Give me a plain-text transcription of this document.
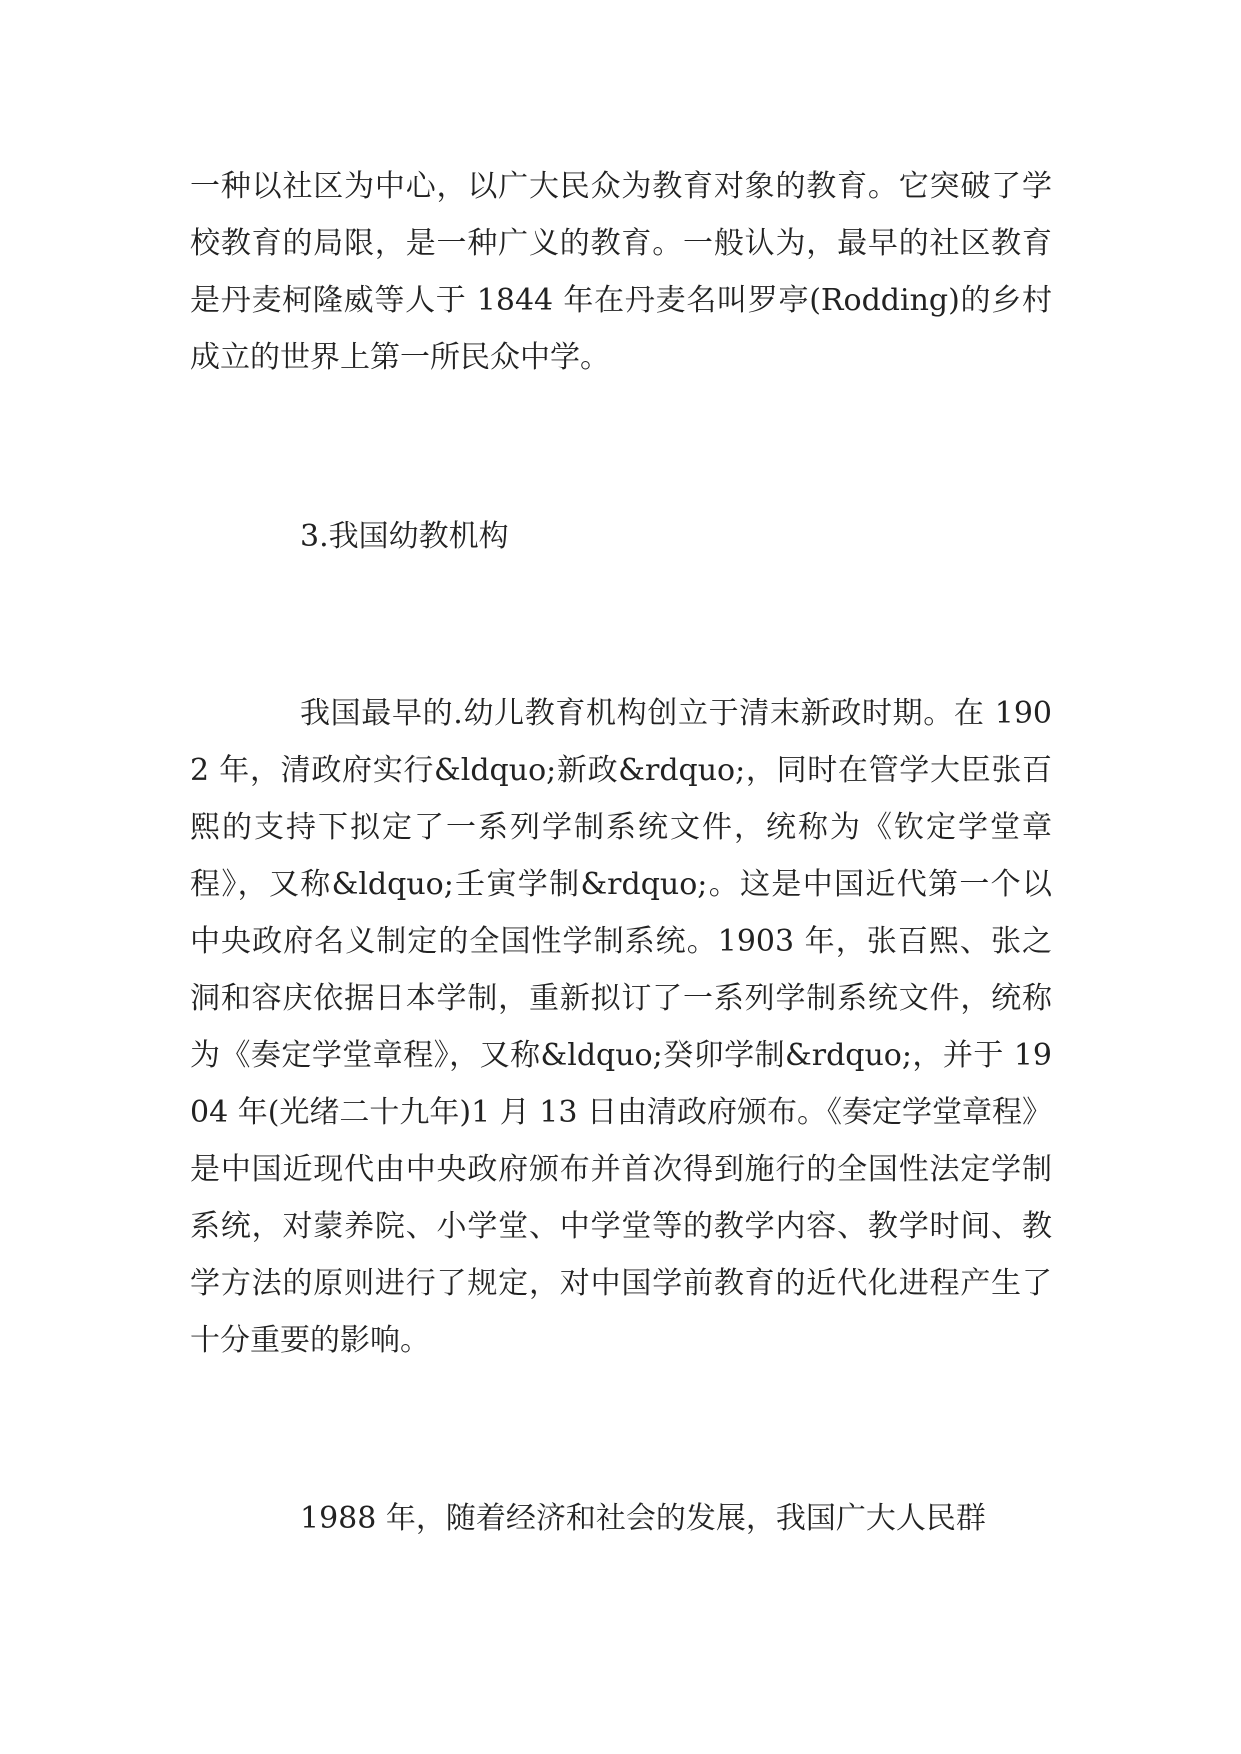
一种以社区为中心，以广大民众为教育对象的教育。它突破了学校教育的局限，是一种广义的教育。一般认为，最早的社区教育是丹麦柯隆威等人于 1844 年在丹麦名叫罗亭(Rodding)的乡村成立的世界上第一所民众中学。

3.我国幼教机构

我国最早的.幼儿教育机构创立于清末新政时期。在 1902 年，清政府实行&ldquo;新政&rdquo;，同时在管学大臣张百熙的支持下拟定了一系列学制系统文件，统称为《钦定学堂章程》，又称&ldquo;壬寅学制&rdquo;。这是中国近代第一个以中央政府名义制定的全国性学制系统。1903 年，张百熙、张之洞和容庆依据日本学制，重新拟订了一系列学制系统文件，统称为《奏定学堂章程》，又称&ldquo;癸卯学制&rdquo;，并于 1904 年(光绪二十九年)1 月 13 日由清政府颁布。《奏定学堂章程》是中国近现代由中央政府颁布并首次得到施行的全国性法定学制系统，对蒙养院、小学堂、中学堂等的教学内容、教学时间、教学方法的原则进行了规定，对中国学前教育的近代化进程产生了十分重要的影响。

1988 年，随着经济和社会的发展，我国广大人民群
